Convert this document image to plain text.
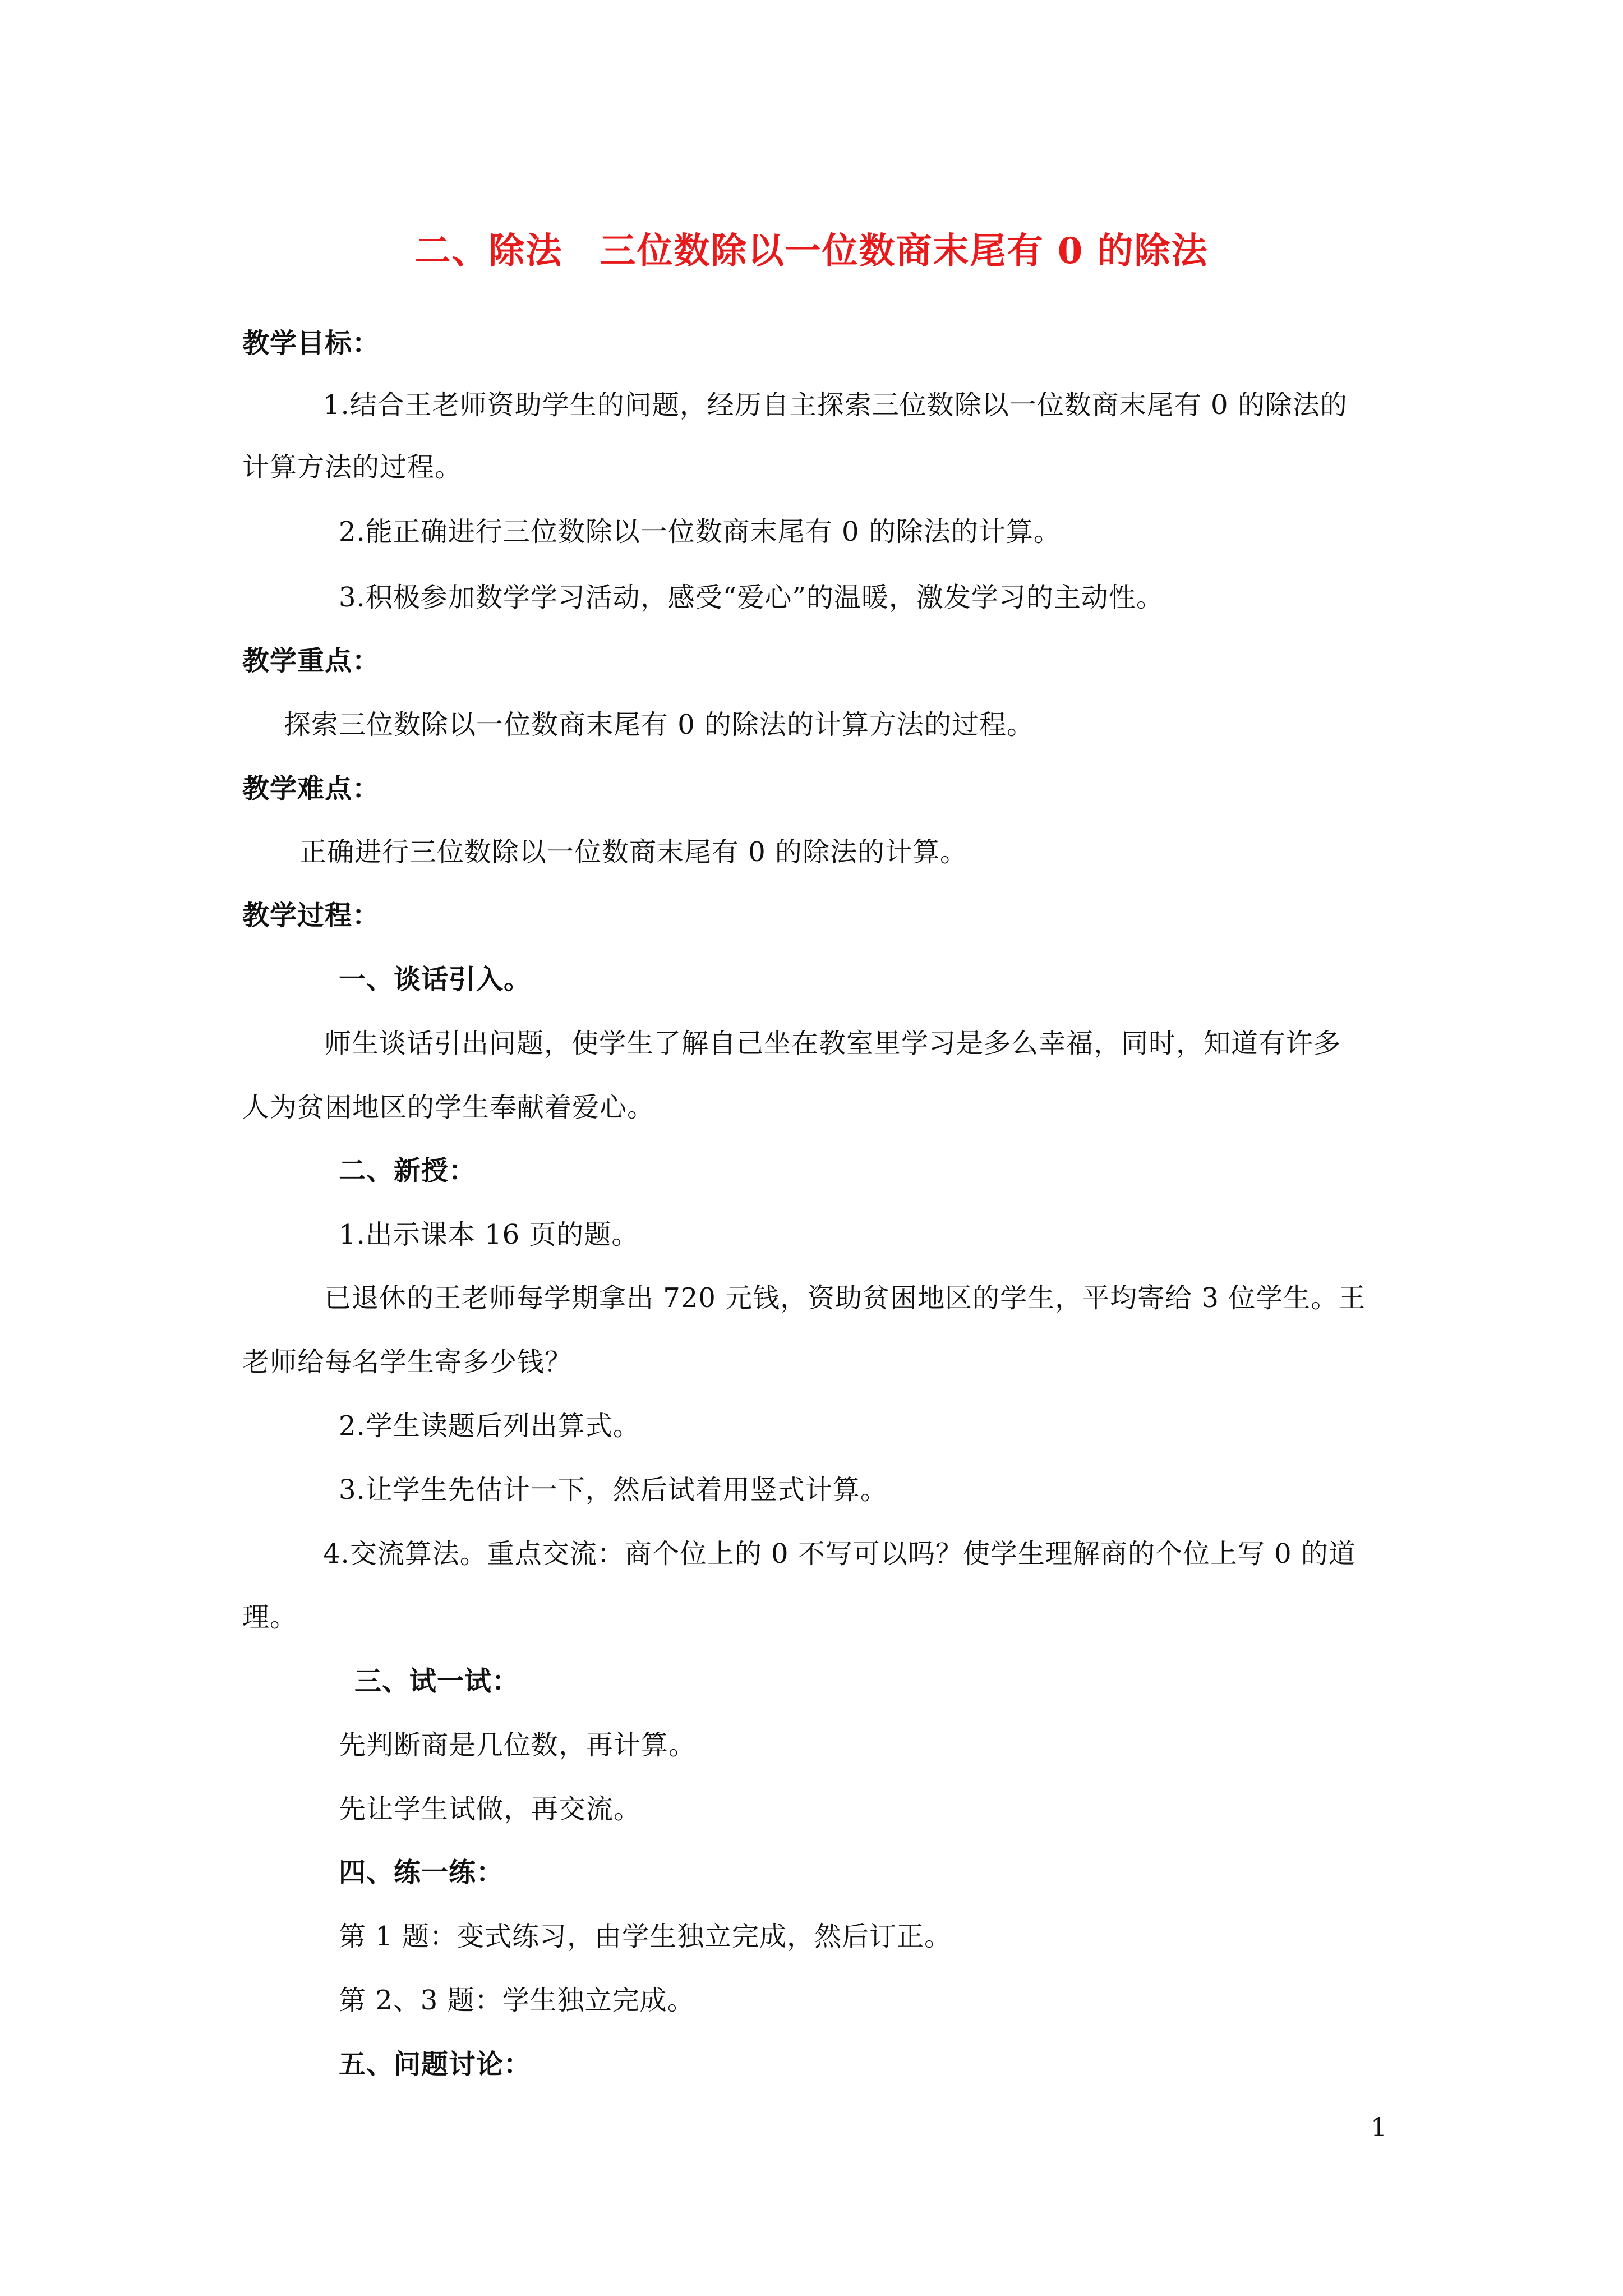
二、除法　三位数除以一位数商末尾有 0 的除法
教学目标：
1.结合王老师资助学生的问题，经历自主探索三位数除以一位数商末尾有 0 的除法的
计算方法的过程。
2.能正确进行三位数除以一位数商末尾有 0 的除法的计算。
3.积极参加数学学习活动，感受“爱心”的温暖，激发学习的主动性。
教学重点：
探索三位数除以一位数商末尾有 0 的除法的计算方法的过程。
教学难点：
正确进行三位数除以一位数商末尾有 0 的除法的计算。
教学过程：
一、谈话引入。
师生谈话引出问题，使学生了解自己坐在教室里学习是多么幸福，同时，知道有许多
人为贫困地区的学生奉献着爱心。
二、新授：
1.出示课本 16 页的题。
已退休的王老师每学期拿出 720 元钱，资助贫困地区的学生，平均寄给 3 位学生。王
老师给每名学生寄多少钱？
2.学生读题后列出算式。
3.让学生先估计一下，然后试着用竖式计算。
4.交流算法。重点交流：商个位上的 0 不写可以吗？使学生理解商的个位上写 0 的道
理。
三、试一试：
先判断商是几位数，再计算。
先让学生试做，再交流。
四、练一练：
第 1 题：变式练习，由学生独立完成，然后订正。
第 2、3 题：学生独立完成。
五、问题讨论：
1
